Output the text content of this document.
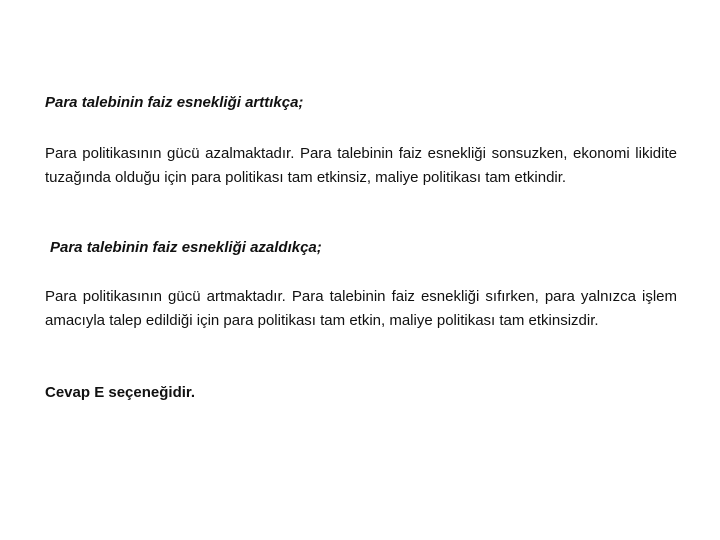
Para talebinin faiz esnekliği arttıkça;

Para politikasının gücü azalmaktadır. Para talebinin faiz esnekliği sonsuzken, ekonomi likidite tuzağında olduğu için para politikası tam etkinsiz, maliye politikası tam etkindir.

Para talebinin faiz esnekliği azaldıkça;

Para politikasının gücü artmaktadır. Para talebinin faiz esnekliği sıfırken, para yalnızca işlem amacıyla talep edildiği için para politikası tam etkin, maliye politikası tam etkinsizdir.

Cevap E seçeneğidir.
